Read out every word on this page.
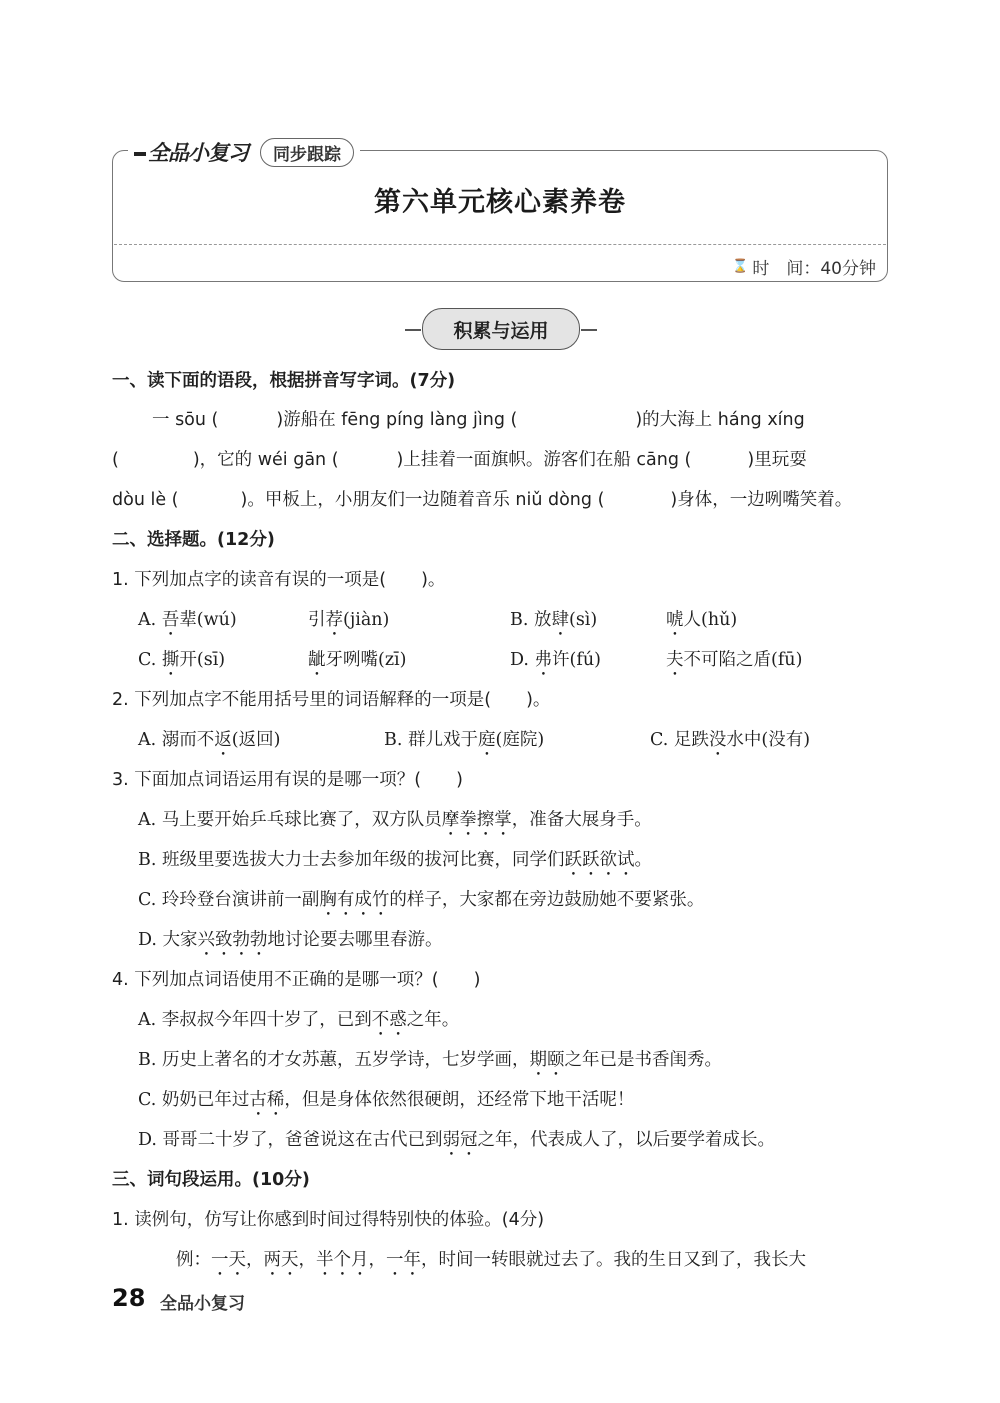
全品小复习	同步跟踪
第六单元核心素养卷
⌛ 时　间：40分钟
积累与运用
一、读下面的语段，根据拼音写字词。(7分)
一 sōu (	)游船在 fēng píng làng jìng (	)的大海上 háng xíng
(	)，它的 wéi gān (	)上挂着一面旗帜。游客们在船 cāng (	)里玩耍
dòu lè (	)。甲板上，小朋友们一边随着音乐 niǔ dòng (	)身体，一边咧嘴笑着。
二、选择题。(12分)
1. 下列加点字的读音有误的一项是(　　)。
A. 吾辈(wú)	引荐(jiàn)	B. 放肆(sì)	唬人(hǔ)
C. 撕开(sī)	龇牙咧嘴(zī)	D. 弗许(fú)	夫不可陷之盾(fū)
2. 下列加点字不能用括号里的词语解释的一项是(　　)。
A. 溺而不返(返回)	B. 群儿戏于庭(庭院)	C. 足跌没水中(没有)
3. 下面加点词语运用有误的是哪一项？(　　)
A. 马上要开始乒乓球比赛了，双方队员摩拳擦掌，准备大展身手。
B. 班级里要选拔大力士去参加年级的拔河比赛，同学们跃跃欲试。
C. 玲玲登台演讲前一副胸有成竹的样子，大家都在旁边鼓励她不要紧张。
D. 大家兴致勃勃地讨论要去哪里春游。
4. 下列加点词语使用不正确的是哪一项？(　　)
A. 李叔叔今年四十岁了，已到不惑之年。
B. 历史上著名的才女苏蕙，五岁学诗，七岁学画，期颐之年已是书香闺秀。
C. 奶奶已年过古稀，但是身体依然很硬朗，还经常下地干活呢！
D. 哥哥二十岁了，爸爸说这在古代已到弱冠之年，代表成人了，以后要学着成长。
三、词句段运用。(10分)
1. 读例句，仿写让你感到时间过得特别快的体验。(4分)
例：一天，两天，半个月，一年，时间一转眼就过去了。我的生日又到了，我长大
28 全品小复习
